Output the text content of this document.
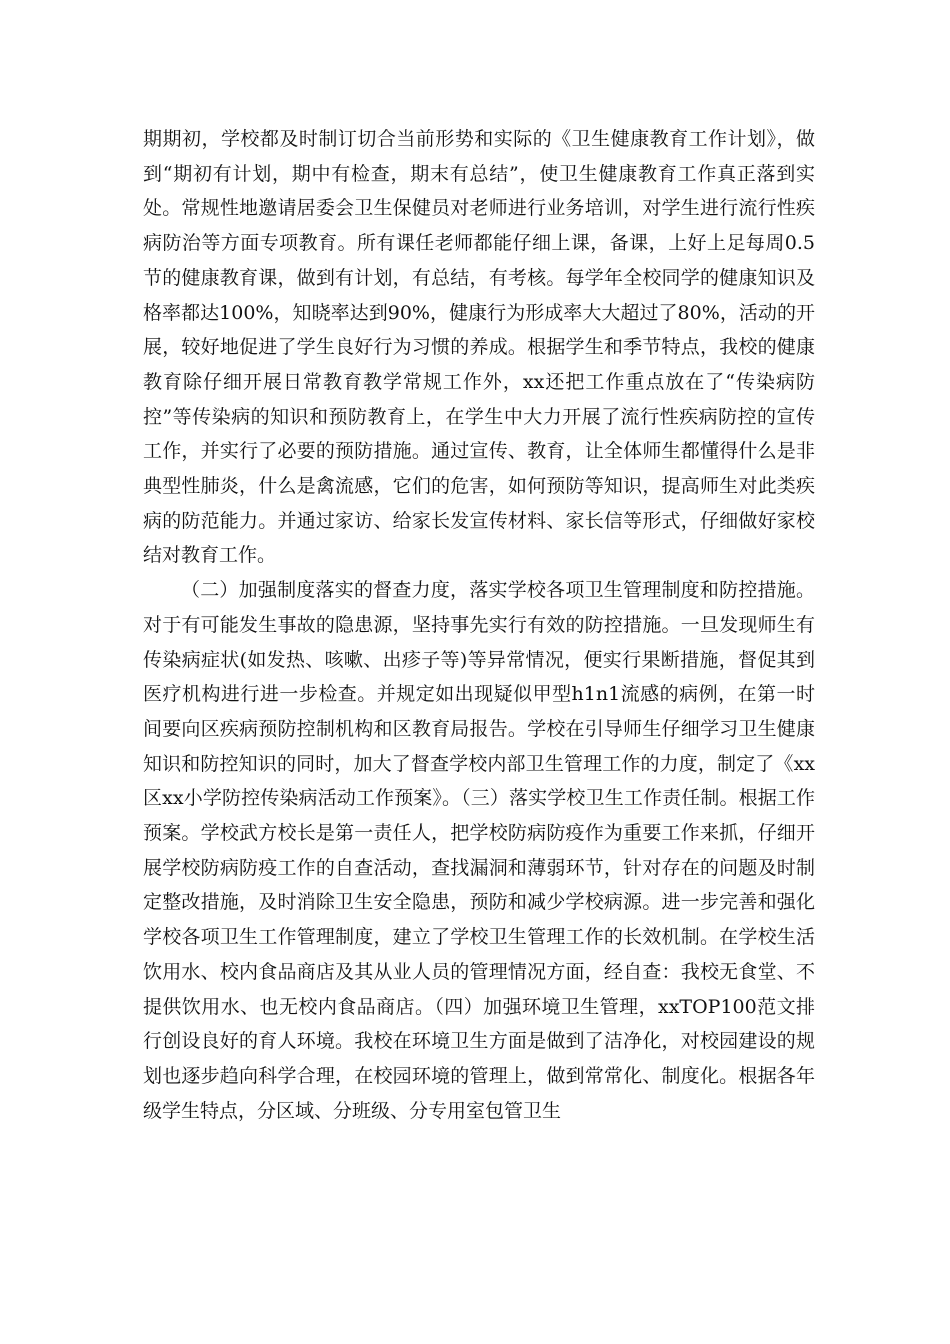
期期初，学校都及时制订切合当前形势和实际的《卫生健康教育工作计划》，做到“期初有计划，期中有检查，期末有总结”，使卫生健康教育工作真正落到实处。常规性地邀请居委会卫生保健员对老师进行业务培训，对学生进行流行性疾病防治等方面专项教育。所有课任老师都能仔细上课，备课，上好上足每周0.5节的健康教育课，做到有计划，有总结，有考核。每学年全校同学的健康知识及格率都达100%，知晓率达到90%，健康行为形成率大大超过了80%，活动的开展，较好地促进了学生良好行为习惯的养成。根据学生和季节特点，我校的健康教育除仔细开展日常教育教学常规工作外，xx还把工作重点放在了“传染病防控”等传染病的知识和预防教育上，在学生中大力开展了流行性疾病防控的宣传工作，并实行了必要的预防措施。通过宣传、教育，让全体师生都懂得什么是非典型性肺炎，什么是禽流感，它们的危害，如何预防等知识，提高师生对此类疾病的防范能力。并通过家访、给家长发宣传材料、家长信等形式，仔细做好家校结对教育工作。

（二）加强制度落实的督查力度，落实学校各项卫生管理制度和防控措施。对于有可能发生事故的隐患源，坚持事先实行有效的防控措施。一旦发现师生有传染病症状(如发热、咳嗽、出疹子等)等异常情况，便实行果断措施，督促其到医疗机构进行进一步检查。并规定如出现疑似甲型h1n1流感的病例，在第一时间要向区疾病预防控制机构和区教育局报告。学校在引导师生仔细学习卫生健康知识和防控知识的同时，加大了督查学校内部卫生管理工作的力度，制定了《xx区xx小学防控传染病活动工作预案》。（三）落实学校卫生工作责任制。根据工作预案。学校武方校长是第一责任人，把学校防病防疫作为重要工作来抓，仔细开展学校防病防疫工作的自查活动，查找漏洞和薄弱环节，针对存在的问题及时制定整改措施，及时消除卫生安全隐患，预防和减少学校病源。进一步完善和强化学校各项卫生工作管理制度，建立了学校卫生管理工作的长效机制。在学校生活饮用水、校内食品商店及其从业人员的管理情况方面，经自查：我校无食堂、不提供饮用水、也无校内食品商店。（四）加强环境卫生管理，xxTOP100范文排行创设良好的育人环境。我校在环境卫生方面是做到了洁净化，对校园建设的规划也逐步趋向科学合理，在校园环境的管理上，做到常常化、制度化。根据各年级学生特点，分区域、分班级、分专用室包管卫生
